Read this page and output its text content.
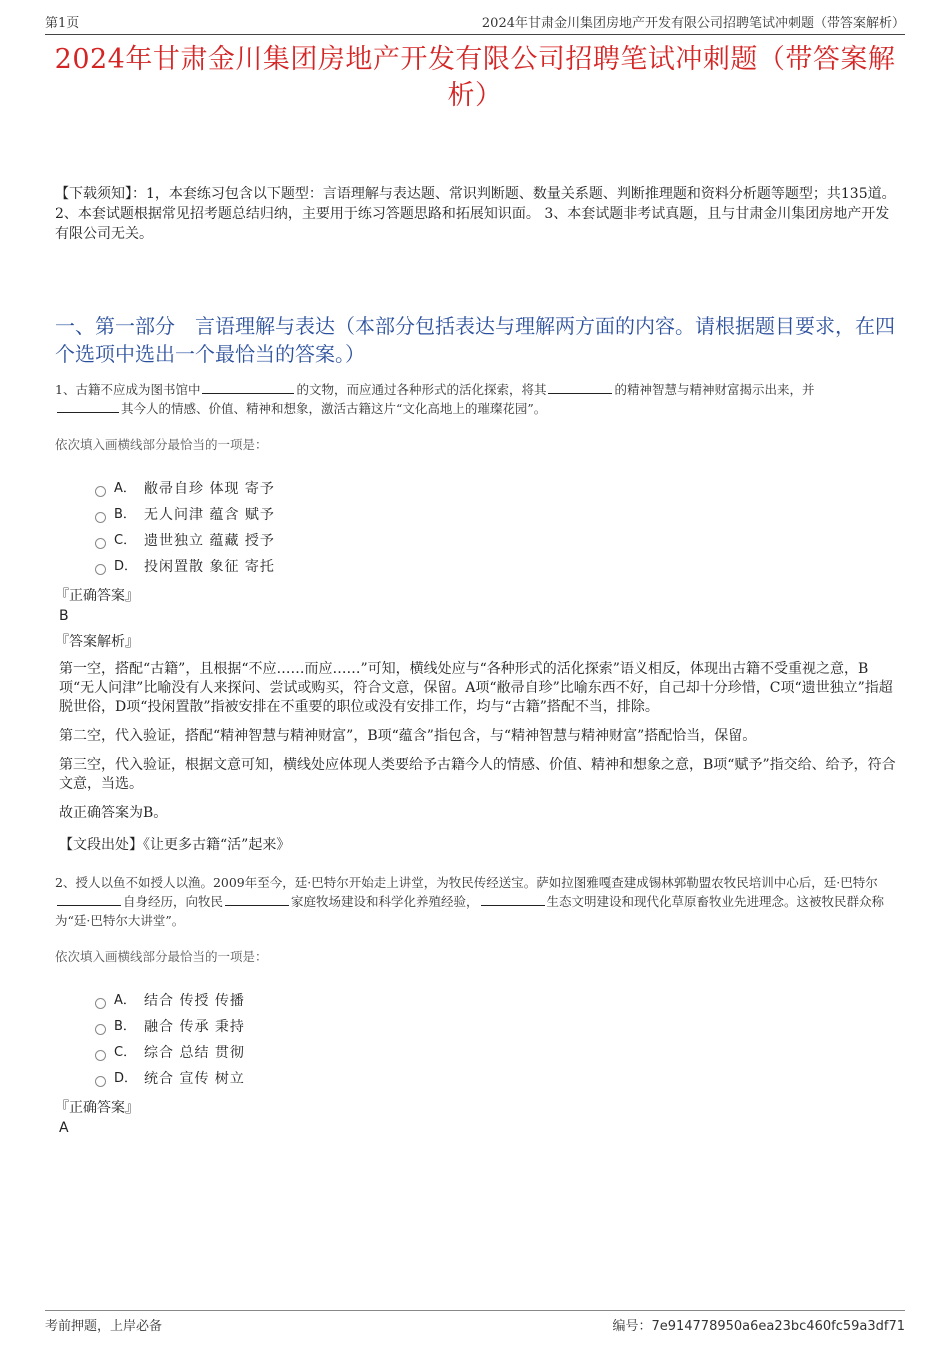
第1页	2024年甘肃金川集团房地产开发有限公司招聘笔试冲刺题（带答案解析）
2024年甘肃金川集团房地产开发有限公司招聘笔试冲刺题（带答案解析）
【下载须知】：1，本套练习包含以下题型：言语理解与表达题、常识判断题、数量关系题、判断推理题和资料分析题等题型；共135道。 2、本套试题根据常见招考题总结归纳，主要用于练习答题思路和拓展知识面。 3、本套试题非考试真题，且与甘肃金川集团房地产开发有限公司无关。
一、第一部分　言语理解与表达（本部分包括表达与理解两方面的内容。请根据题目要求，在四个选项中选出一个最恰当的答案。）

1、古籍不应成为图书馆中	的文物，而应通过各种形式的活化探索，将其	的精神智慧与精神财富揭示出来，并
其今人的情感、价值、精神和想象，激活古籍这片“文化高地上的璀璨花园”。

依次填入画横线部分最恰当的一项是：
A． 敝帚自珍 体现 寄予
B． 无人问津 蕴含 赋予
C． 遗世独立 蕴藏 授予
D． 投闲置散 象征 寄托
『正确答案』
B
『答案解析』

第一空，搭配“古籍”，且根据“不应……而应……”可知，横线处应与“各种形式的活化探索”语义相反，体现出古籍不受重视之意，B项“无人问津”比喻没有人来探问、尝试或购买，符合文意，保留。A项“敝帚自珍”比喻东西不好，自己却十分珍惜，C项“遗世独立”指超脱世俗，D项“投闲置散”指被安排在不重要的职位或没有安排工作，均与“古籍”搭配不当，排除。

第二空，代入验证，搭配“精神智慧与精神财富”，B项“蕴含”指包含，与“精神智慧与精神财富”搭配恰当，保留。

第三空，代入验证，根据文意可知，横线处应体现人类要给予古籍今人的情感、价值、精神和想象之意，B项“赋予”指交给、给予，符合文意，当选。

故正确答案为B。

【文段出处】《让更多古籍“活”起来》

2、授人以鱼不如授人以渔。2009年至今，廷·巴特尔开始走上讲堂，为牧民传经送宝。萨如拉图雅嘎查建成锡林郭勒盟农牧民培训中心后，廷·巴特尔自身经历，向牧民	家庭牧场建设和科学化养殖经验，	生态文明建设和现代化草原畜牧业先进理念。这被牧民群众称为“廷·巴特尔大讲堂”。

依次填入画横线部分最恰当的一项是：
A． 结合 传授 传播
B． 融合 传承 秉持
C． 综合 总结 贯彻
D． 统合 宣传 树立
『正确答案』
A
考前押题，上岸必备	编号：7e914778950a6ea23bc460fc59a3df71
